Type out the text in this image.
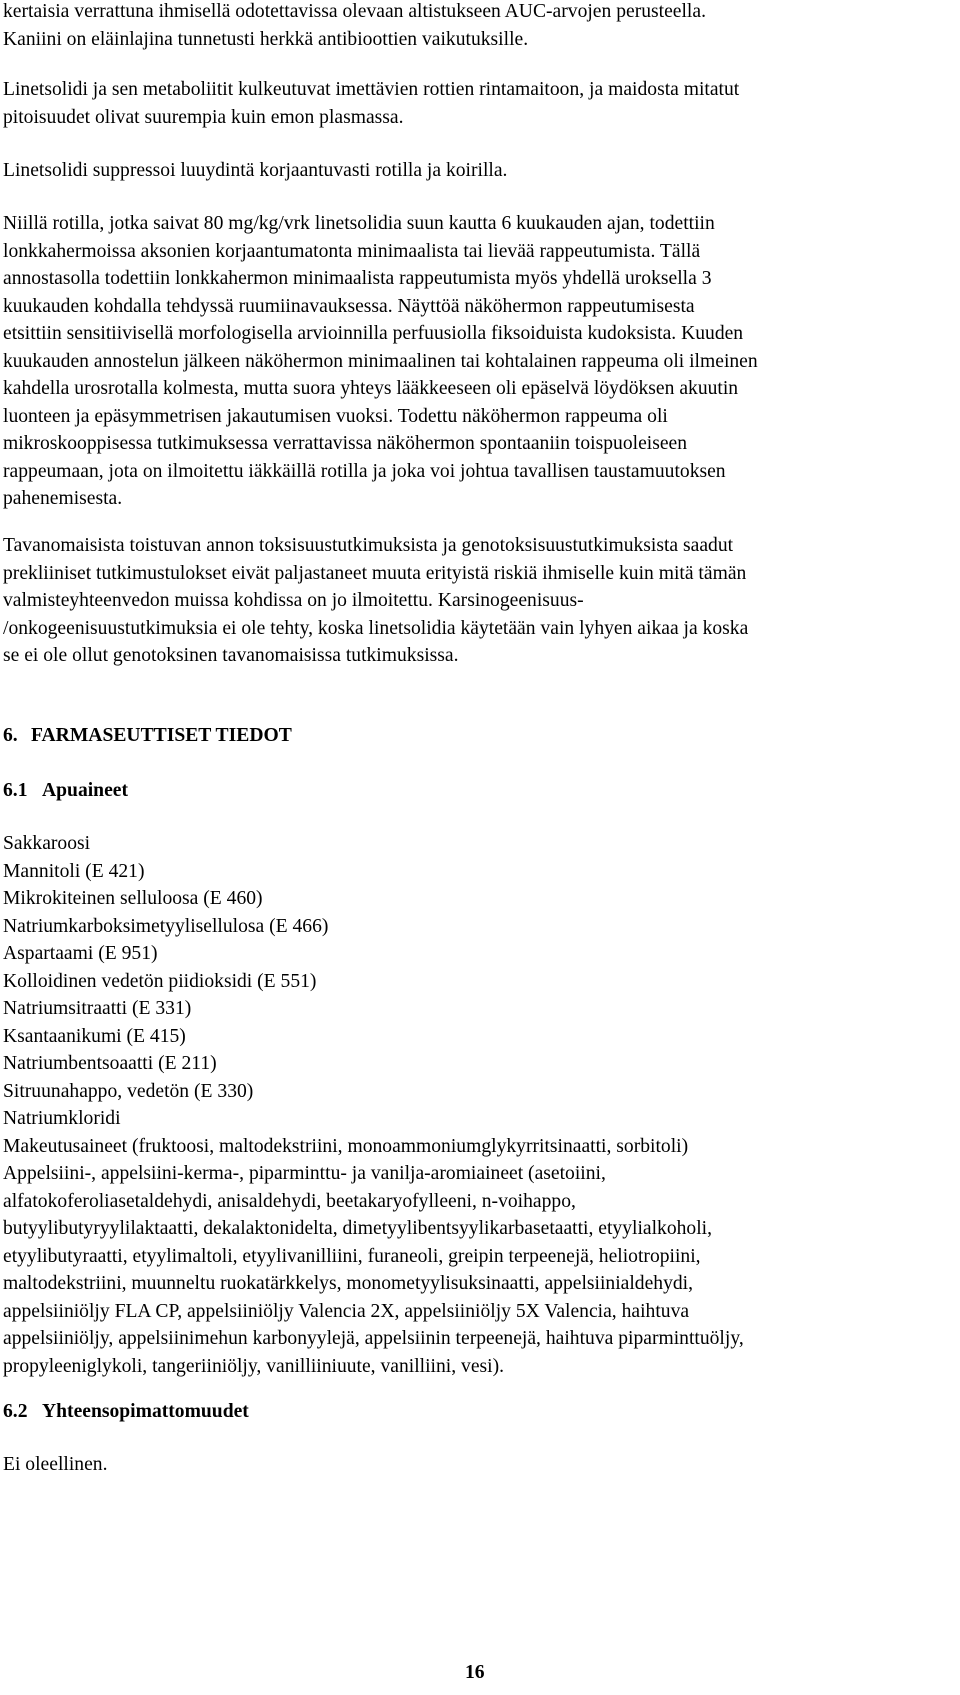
kertaisia verrattuna ihmisellä odotettavissa olevaan altistukseen AUC-arvojen perusteella.

Kaniini on eläinlajina tunnetusti herkkä antibioottien vaikutuksille.

Linetsolidi ja sen metaboliitit kulkeutuvat imettävien rottien rintamaitoon, ja maidosta mitatut

pitoisuudet olivat suurempia kuin emon plasmassa.

Linetsolidi suppressoi luuydintä korjaantuvasti rotilla ja koirilla.

Niillä rotilla, jotka saivat 80 mg/kg/vrk linetsolidia suun kautta 6 kuukauden ajan, todettiin

lonkkahermoissa aksonien korjaantumatonta minimaalista tai lievää rappeutumista. Tällä

annostasolla todettiin lonkkahermon minimaalista rappeutumista myös yhdellä uroksella 3

kuukauden kohdalla tehdyssä ruumiinavauksessa. Näyttöä näköhermon rappeutumisesta

etsittiin sensitiivisellä morfologisella arvioinnilla perfuusiolla fiksoiduista kudoksista. Kuuden

kuukauden annostelun jälkeen näköhermon minimaalinen tai kohtalainen rappeuma oli ilmeinen

kahdella urosrotalla kolmesta, mutta suora yhteys lääkkeeseen oli epäselvä löydöksen akuutin

luonteen ja epäsymmetrisen jakautumisen vuoksi. Todettu näköhermon rappeuma oli

mikroskooppisessa tutkimuksessa verrattavissa näköhermon spontaaniin toispuoleiseen

rappeumaan, jota on ilmoitettu iäkkäillä rotilla ja joka voi johtua tavallisen taustamuutoksen

pahenemisesta.

Tavanomaisista toistuvan annon toksisuustutkimuksista ja genotoksisuustutkimuksista saadut

prekliiniset tutkimustulokset eivät paljastaneet muuta erityistä riskiä ihmiselle kuin mitä tämän

valmisteyhteenvedon muissa kohdissa on jo ilmoitettu. Karsinogeenisuus-

/onkogeenisuustutkimuksia ei ole tehty, koska linetsolidia käytetään vain lyhyen aikaa ja koska

se ei ole ollut genotoksinen tavanomaisissa tutkimuksissa.

6. FARMASEUTTISET TIEDOT
6.1 Apuaineet

Sakkaroosi

Mannitoli (E 421)

Mikrokiteinen selluloosa (E 460)

Natriumkarboksimetyylisellulosa (E 466)

Aspartaami (E 951)

Kolloidinen vedetön piidioksidi (E 551)

Natriumsitraatti (E 331)

Ksantaanikumi (E 415)

Natriumbentsoaatti (E 211)

Sitruunahappo, vedetön (E 330)

Natriumkloridi

Makeutusaineet (fruktoosi, maltodekstriini, monoammoniumglykyrritsinaatti, sorbitoli)

Appelsiini-, appelsiini-kerma-, piparminttu- ja vanilja-aromiaineet (asetoiini,

alfatokoferoliasetaldehydi, anisaldehydi, beetakaryofylleeni, n-voihappo,

butyylibutyryylilaktaatti, dekalaktonidelta, dimetyylibentsyylikarbasetaatti, etyylialkoholi,

etyylibutyraatti, etyylimaltoli, etyylivanilliini, furaneoli, greipin terpeenejä, heliotropiini,

maltodekstriini, muunneltu ruokatärkkelys, monometyylisuksinaatti, appelsiinialdehydi,

appelsiiniöljy FLA CP, appelsiiniöljy Valencia 2X, appelsiiniöljy 5X Valencia, haihtuva

appelsiiniöljy, appelsiinimehun karbonyylejä, appelsiinin terpeenejä, haihtuva piparminttuöljy,

propyleeniglykoli, tangeriiniöljy, vanilliiniuute, vanilliini, vesi).

6.2 Yhteensopimattomuudet

Ei oleellinen.

16
